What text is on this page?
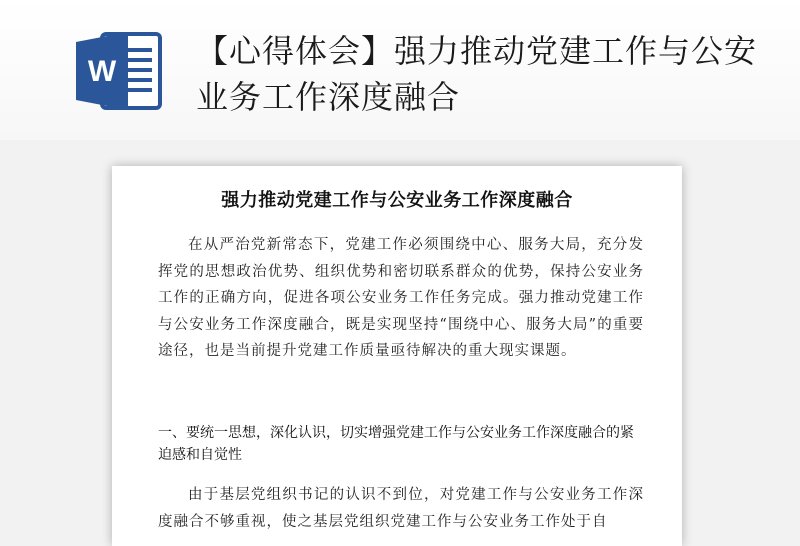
W
【心得体会】强力推动党建工作与公安业务工作深度融合
强力推动党建工作与公安业务工作深度融合

在从严治党新常态下，党建工作必须围绕中心、服务大局，充分发挥党的思想政治优势、组织优势和密切联系群众的优势，保持公安业务工作的正确方向，促进各项公安业务工作任务完成。强力推动党建工作与公安业务工作深度融合，既是实现坚持“围绕中心、服务大局”的重要途径，也是当前提升党建工作质量亟待解决的重大现实课题。

一、要统一思想，深化认识，切实增强党建工作与公安业务工作深度融合的紧迫感和自觉性

由于基层党组织书记的认识不到位，对党建工作与公安业务工作深度融合不够重视，使之基层党组织党建工作与公安业务工作处于自
